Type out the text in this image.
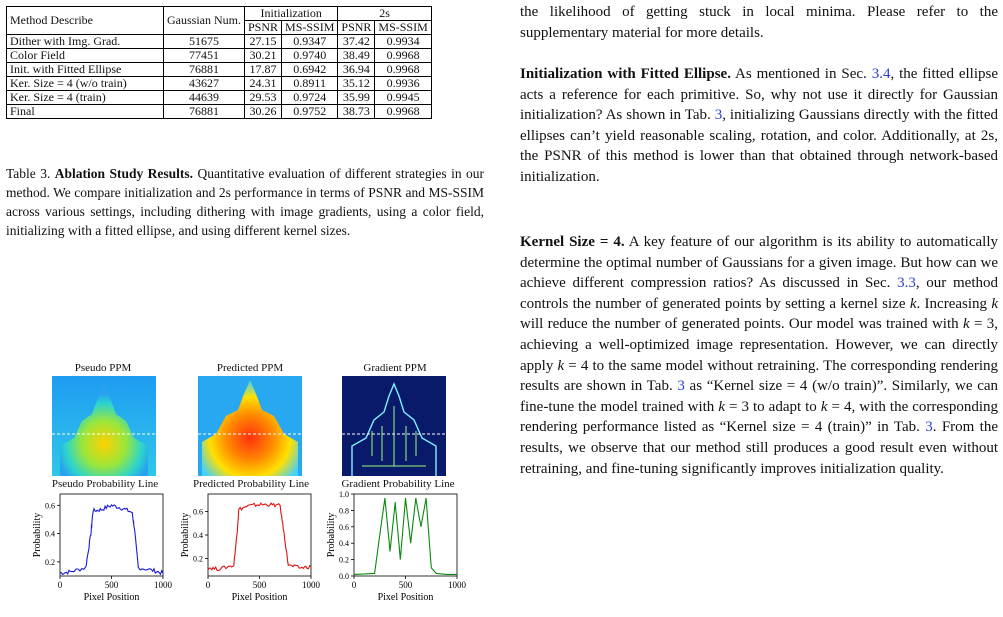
Method Describe	Gaussian Num.	Initialization		2s	
		PSNR	MS-SSIM	PSNR	MS-SSIM
Dither with Img. Grad.	51675	27.15	0.9347	37.42	0.9934
Color Field	77451	30.21	0.9740	38.49	0.9968
Init. with Fitted Ellipse	76881	17.87	0.6942	36.94	0.9968
Ker. Size = 4 (w/o train)	43627	24.31	0.8911	35.12	0.9936
Ker. Size = 4 (train)	44639	29.53	0.9724	35.99	0.9945
Final	76881	30.26	0.9752	38.73	0.9968
Table 3. Ablation Study Results. Quantitative evaluation of different strategies in our method. We compare initialization and 2s performance in terms of PSNR and MS-SSIM across various settings, including dithering with image gradients, using a color field, initializing with a fitted ellipse, and using different kernel sizes.
Pseudo PPM	Predicted PPM	Gradient PPM
Pseudo Probability Line	Predicted Probability Line	Gradient Probability Line
0	500	1000
0.2
0.4
0.6
Pixel Position
Probability
0	500	1000
0.2
0.4
0.6
Pixel Position
Probability
0	500	1000
0.0
0.2
0.4
0.6
0.8
1.0
Pixel Position
Probability

the likelihood of getting stuck in local minima. Please refer to the supplementary material for more details.

Initialization with Fitted Ellipse. As mentioned in Sec. 3.4, the fitted ellipse acts a reference for each primitive. So, why not use it directly for Gaussian initialization? As shown in Tab. 3, initializing Gaussians directly with the fitted ellipses can’t yield reasonable scaling, rotation, and color. Additionally, at 2s, the PSNR of this method is lower than that obtained through network-based initialization.

Kernel Size = 4. A key feature of our algorithm is its ability to automatically determine the optimal number of Gaussians for a given image. But how can we achieve different compression ratios? As discussed in Sec. 3.3, our method controls the number of generated points by setting a kernel size k. Increasing k will reduce the number of generated points. Our model was trained with k = 3, achieving a well-optimized image representation. However, we can directly apply k = 4 to the same model without retraining. The corresponding rendering results are shown in Tab. 3 as “Kernel size = 4 (w/o train)”. Similarly, we can fine-tune the model trained with k = 3 to adapt to k = 4, with the corresponding rendering performance listed as “Kernel size = 4 (train)” in Tab. 3. From the results, we observe that our method still produces a good result even without retraining, and fine-tuning significantly improves initialization quality.
